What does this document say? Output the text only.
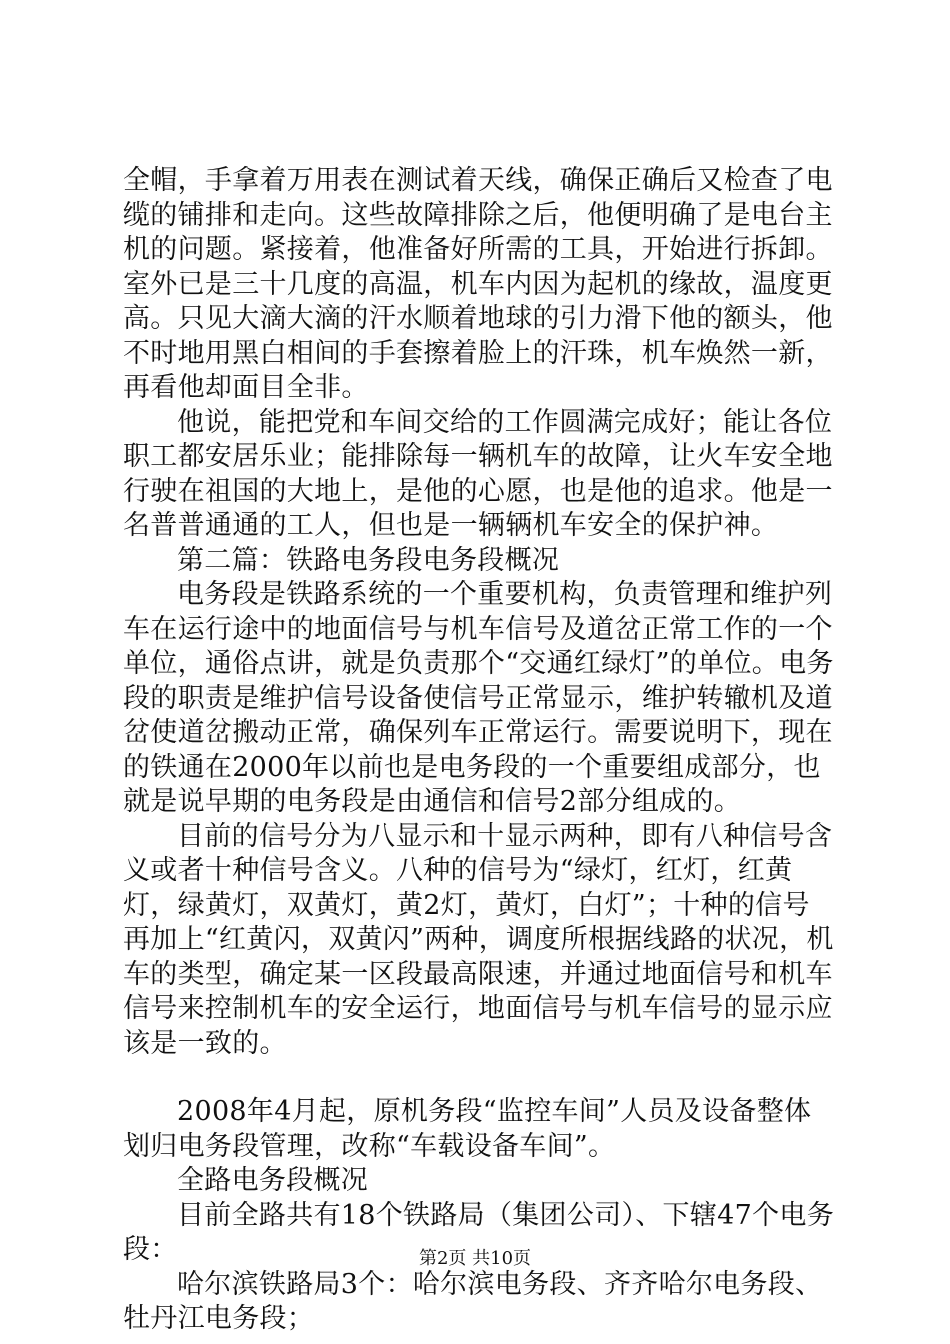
全帽，手拿着万用表在测试着天线，确保正确后又检查了电缆的铺排和走向。这些故障排除之后，他便明确了是电台主机的问题。紧接着，他准备好所需的工具，开始进行拆卸。室外已是三十几度的高温，机车内因为起机的缘故，温度更高。只见大滴大滴的汗水顺着地球的引力滑下他的额头，他不时地用黑白相间的手套擦着脸上的汗珠，机车焕然一新，再看他却面目全非。

他说，能把党和车间交给的工作圆满完成好；能让各位职工都安居乐业；能排除每一辆机车的故障，让火车安全地行驶在祖国的大地上，是他的心愿，也是他的追求。他是一名普普通通的工人，但也是一辆辆机车安全的保护神。

第二篇：铁路电务段电务段概况

电务段是铁路系统的一个重要机构，负责管理和维护列车在运行途中的地面信号与机车信号及道岔正常工作的一个单位，通俗点讲，就是负责那个“交通红绿灯”的单位。电务段的职责是维护信号设备使信号正常显示，维护转辙机及道岔使道岔搬动正常，确保列车正常运行。需要说明下，现在的铁通在2000年以前也是电务段的一个重要组成部分，也就是说早期的电务段是由通信和信号2部分组成的。

目前的信号分为八显示和十显示两种，即有八种信号含义或者十种信号含义。八种的信号为“绿灯，红灯，红黄灯，绿黄灯，双黄灯，黄2灯，黄灯，白灯”；十种的信号再加上“红黄闪，双黄闪”两种，调度所根据线路的状况，机车的类型，确定某一区段最高限速，并通过地面信号和机车信号来控制机车的安全运行，地面信号与机车信号的显示应该是一致的。

2008年4月起，原机务段“监控车间”人员及设备整体划归电务段管理，改称“车载设备车间”。

全路电务段概况

目前全路共有18个铁路局（集团公司）、下辖47个电务段：

哈尔滨铁路局3个：哈尔滨电务段、齐齐哈尔电务段、牡丹江电务段；

第2页 共10页
